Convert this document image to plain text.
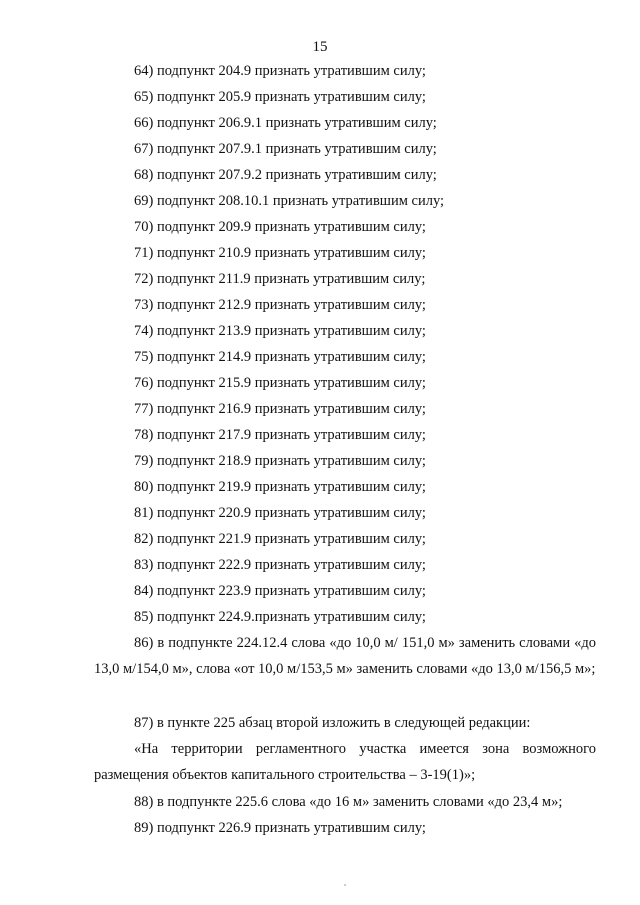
15
64) подпункт 204.9 признать утратившим силу;
65) подпункт 205.9 признать утратившим силу;
66) подпункт 206.9.1 признать утратившим силу;
67) подпункт 207.9.1 признать утратившим силу;
68) подпункт 207.9.2 признать утратившим силу;
69) подпункт 208.10.1 признать утратившим силу;
70) подпункт 209.9 признать утратившим силу;
71) подпункт 210.9 признать утратившим силу;
72) подпункт 211.9 признать утратившим силу;
73) подпункт 212.9 признать утратившим силу;
74) подпункт 213.9 признать утратившим силу;
75) подпункт 214.9 признать утратившим силу;
76) подпункт 215.9 признать утратившим силу;
77) подпункт 216.9 признать утратившим силу;
78) подпункт 217.9 признать утратившим силу;
79) подпункт 218.9 признать утратившим силу;
80) подпункт 219.9 признать утратившим силу;
81) подпункт 220.9 признать утратившим силу;
82) подпункт 221.9 признать утратившим силу;
83) подпункт 222.9 признать утратившим силу;
84) подпункт 223.9 признать утратившим силу;
85) подпункт 224.9.признать утратившим силу;
86) в подпункте 224.12.4 слова «до 10,0 м/ 151,0 м» заменить словами «до 13,0 м/154,0 м», слова «от 10,0 м/153,5 м» заменить словами «до 13,0 м/156,5 м»;
87) в пункте 225 абзац второй изложить в следующей редакции:
«На территории регламентного участка имеется зона возможного размещения объектов капитального строительства – 3-19(1)»;
88) в подпункте 225.6 слова «до 16 м» заменить словами «до 23,4 м»;
89) подпункт 226.9 признать утратившим силу;
